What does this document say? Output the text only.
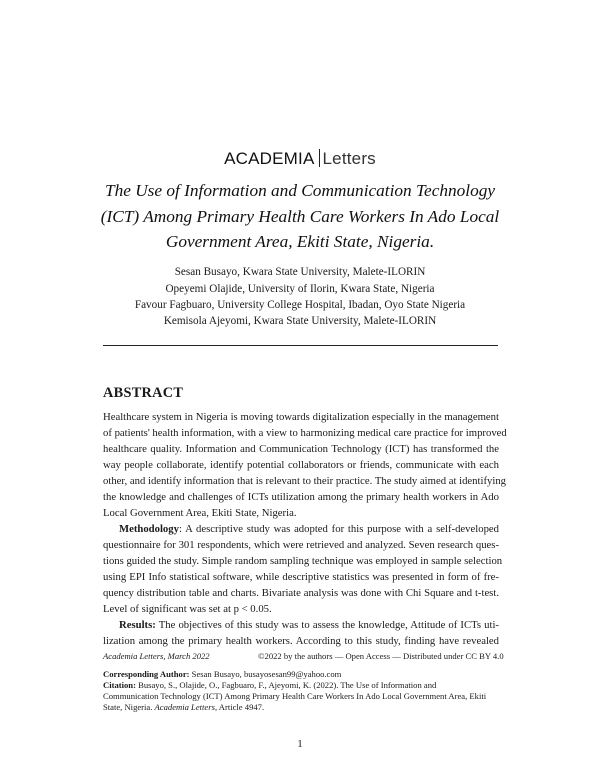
ACADEMIA Letters
The Use of Information and Communication Technology
(ICT) Among Primary Health Care Workers In Ado Local
Government Area, Ekiti State, Nigeria.
Sesan Busayo, Kwara State University, Malete-ILORIN
Opeyemi Olajide, University of Ilorin, Kwara State, Nigeria
Favour Fagbuaro, University College Hospital, Ibadan, Oyo State Nigeria
Kemisola Ajeyomi, Kwara State University, Malete-ILORIN
ABSTRACT
Healthcare system in Nigeria is moving towards digitalization especially in the management
of patients' health information, with a view to harmonizing medical care practice for improved
healthcare quality. Information and Communication Technology (ICT) has transformed the
way people collaborate, identify potential collaborators or friends, communicate with each
other, and identify information that is relevant to their practice. The study aimed at identifying
the knowledge and challenges of ICTs utilization among the primary health workers in Ado
Local Government Area, Ekiti State, Nigeria.
Methodology: A descriptive study was adopted for this purpose with a self-developed
questionnaire for 301 respondents, which were retrieved and analyzed. Seven research ques-
tions guided the study. Simple random sampling technique was employed in sample selection
using EPI Info statistical software, while descriptive statistics was presented in form of fre-
quency distribution table and charts. Bivariate analysis was done with Chi Square and t-test.
Level of significant was set at p < 0.05.
Results: The objectives of this study was to assess the knowledge, Attitude of ICTs uti-
lization among the primary health workers. According to this study, finding have revealed
Academia Letters, March 2022	©2022 by the authors — Open Access — Distributed under CC BY 4.0
Corresponding Author: Sesan Busayo, busayosesan99@yahoo.com
Citation: Busayo, S., Olajide, O., Fagbuaro, F., Ajeyomi, K. (2022). The Use of Information and
Communication Technology (ICT) Among Primary Health Care Workers In Ado Local Government Area, Ekiti
State, Nigeria. Academia Letters, Article 4947.
1
